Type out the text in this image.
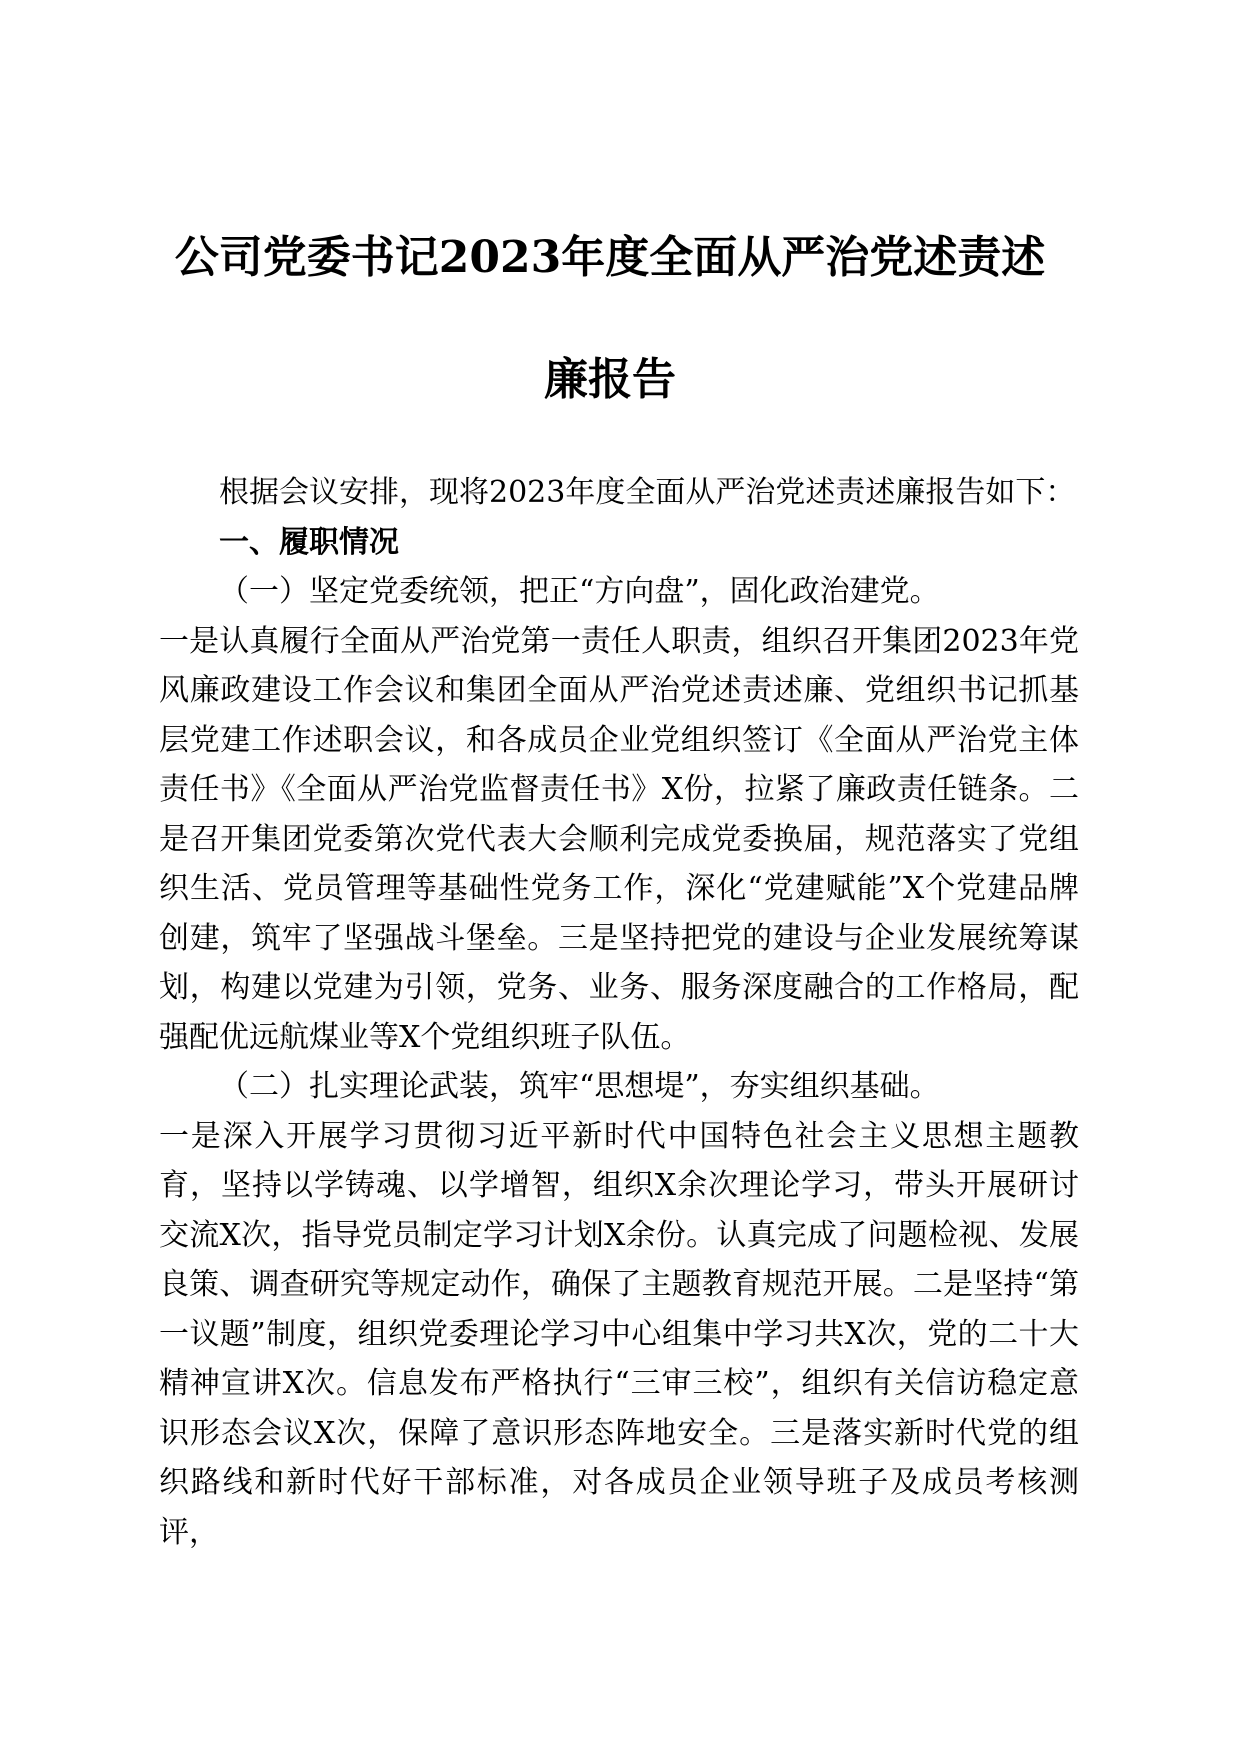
公司党委书记2023年度全面从严治党述责述
廉报告

根据会议安排，现将2023年度全面从严治党述责述廉报告如下：

一、履职情况

（一）坚定党委统领，把正“方向盘”，固化政治建党。

一是认真履行全面从严治党第一责任人职责，组织召开集团2023年党风廉政建设工作会议和集团全面从严治党述责述廉、党组织书记抓基层党建工作述职会议，和各成员企业党组织签订《全面从严治党主体责任书》《全面从严治党监督责任书》X份，拉紧了廉政责任链条。二是召开集团党委第次党代表大会顺利完成党委换届，规范落实了党组织生活、党员管理等基础性党务工作，深化“党建赋能”X个党建品牌创建，筑牢了坚强战斗堡垒。三是坚持把党的建设与企业发展统筹谋划，构建以党建为引领，党务、业务、服务深度融合的工作格局，配强配优远航煤业等X个党组织班子队伍。

（二）扎实理论武装，筑牢“思想堤”，夯实组织基础。

一是深入开展学习贯彻习近平新时代中国特色社会主义思想主题教育，坚持以学铸魂、以学增智，组织X余次理论学习，带头开展研讨交流X次，指导党员制定学习计划X余份。认真完成了问题检视、发展良策、调查研究等规定动作，确保了主题教育规范开展。二是坚持“第一议题”制度，组织党委理论学习中心组集中学习共X次，党的二十大精神宣讲X次。信息发布严格执行“三审三校”，组织有关信访稳定意识形态会议X次，保障了意识形态阵地安全。三是落实新时代党的组织路线和新时代好干部标准，对各成员企业领导班子及成员考核测评，
